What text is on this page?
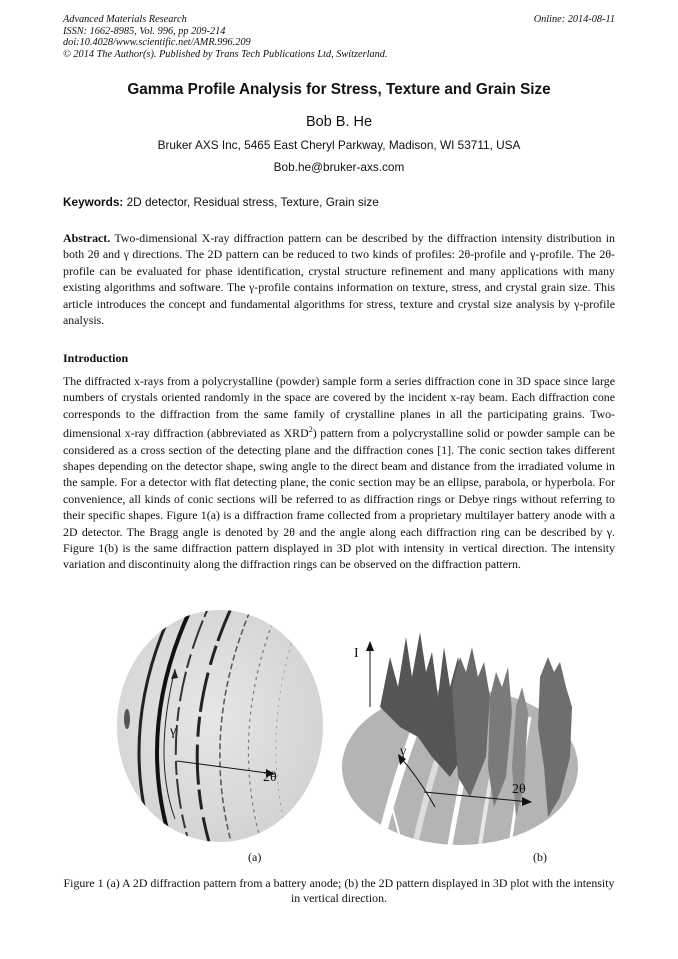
Advanced Materials Research
ISSN: 1662-8985, Vol. 996, pp 209-214
doi:10.4028/www.scientific.net/AMR.996.209
© 2014 The Author(s). Published by Trans Tech Publications Ltd, Switzerland.
Online: 2014-08-11
Gamma Profile Analysis for Stress, Texture and Grain Size
Bob B. He
Bruker AXS Inc, 5465 East Cheryl Parkway, Madison, WI 53711, USA
Bob.he@bruker-axs.com
Keywords: 2D detector, Residual stress, Texture, Grain size
Abstract. Two-dimensional X-ray diffraction pattern can be described by the diffraction intensity distribution in both 2θ and γ directions. The 2D pattern can be reduced to two kinds of profiles: 2θ-profile and γ-profile. The 2θ-profile can be evaluated for phase identification, crystal structure refinement and many applications with many existing algorithms and software. The γ-profile contains information on texture, stress, and crystal grain size. This article introduces the concept and fundamental algorithms for stress, texture and crystal size analysis by γ-profile analysis.
Introduction
The diffracted x-rays from a polycrystalline (powder) sample form a series diffraction cone in 3D space since large numbers of crystals oriented randomly in the space are covered by the incident x-ray beam. Each diffraction cone corresponds to the diffraction from the same family of crystalline planes in all the participating grains. Two-dimensional x-ray diffraction (abbreviated as XRD$^2$) pattern from a polycrystalline solid or powder sample can be considered as a cross section of the detecting plane and the diffraction cones [1]. The conic section takes different shapes depending on the detector shape, swing angle to the direct beam and distance from the irradiated volume in the sample. For a detector with flat detecting plane, the conic section may be an ellipse, parabola, or hyperbola. For convenience, all kinds of conic sections will be referred to as diffraction rings or Debye rings without referring to their specific shapes. Figure 1(a) is a diffraction frame collected from a proprietary multilayer battery anode with a 2D detector. The Bragg angle is denoted by 2θ and the angle along each diffraction ring can be described by γ. Figure 1(b) is the same diffraction pattern displayed in 3D plot with intensity in vertical direction. The intensity variation and discontinuity along the diffraction rings can be observed on the diffraction pattern.
γ
2θ
I
γ
2θ
(a)	(b)
Figure 1 (a) A 2D diffraction pattern from a battery anode; (b) the 2D pattern displayed in 3D plot with the intensity in vertical direction.
